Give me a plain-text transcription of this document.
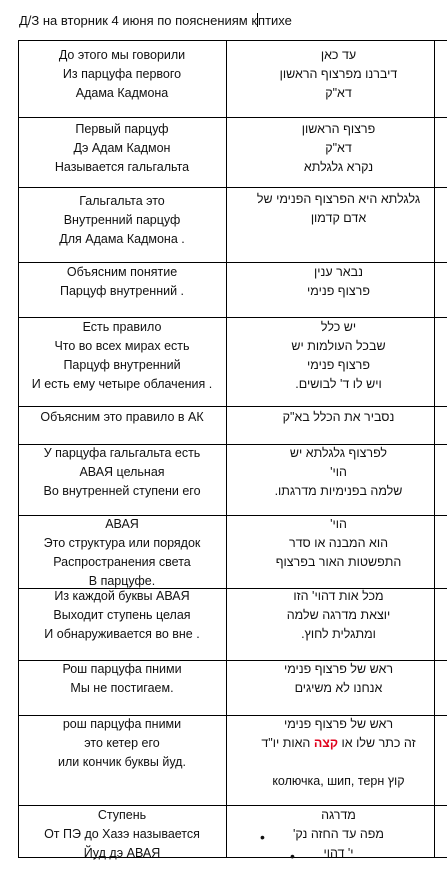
Д/З на вторник 4 июня по пояснениям кптихе
До этого мы говорили
Из парцуфа первого
Адама Кадмона
עד כאן
דיברנו מפרצוף הראשון
דא"ק
Первый парцуф
Дэ Адам Кадмон
Называется гальгальта
פרצוף הראשון
דא"ק
נקרא גלגלתא
Гальгальта это
Внутренний парцуф
Для Адама Кадмона .
גלגלתא היא הפרצוף הפנימי של
אדם קדמון
Объясним понятие
Парцуф внутренний .
נבאר ענין
פרצוף פנימי
Есть правило
Что во всех мирах есть
Парцуф внутренний
И есть ему четыре облачения .
יש כלל
שבכל העולמות יש
פרצוף פנימי
ויש לו ד' לבושים.
Объясним это правило в АК	נסביר את הכלל בא"ק
У парцуфа гальгальта есть
АВАЯ цельная
Во внутренней ступени его
לפרצוף גלגלתא יש
הוי'
שלמה בפנימיות מדרגתו.
АВАЯ
Это структура или порядок
Распространения света
В парцуфе.
הוי'
הוא המבנה או סדר
התפשטות האור בפרצוף
Из каждой буквы АВАЯ
Выходит ступень целая
И обнаруживается во вне .
מכל אות דהוי' הזו
יוצאת מדרגה שלמה
ומתגלית לחוץ.
Рош парцуфа пними
Мы не постигаем.
ראש של פרצוף פנימי
אנחנו לא משיגים
рош парцуфа пними
это кетер его
или кончик буквы йуд.
ראש של פרצוף פנימי
זה כתר שלו או קצה האות יו"ד

колючка, шип, терн קוץ
Ступень
От ПЭ до Хазэ называется
Йуд дэ АВАЯ
מדרגה
מפה עד החזה נק'
י' דהוי
•
•
